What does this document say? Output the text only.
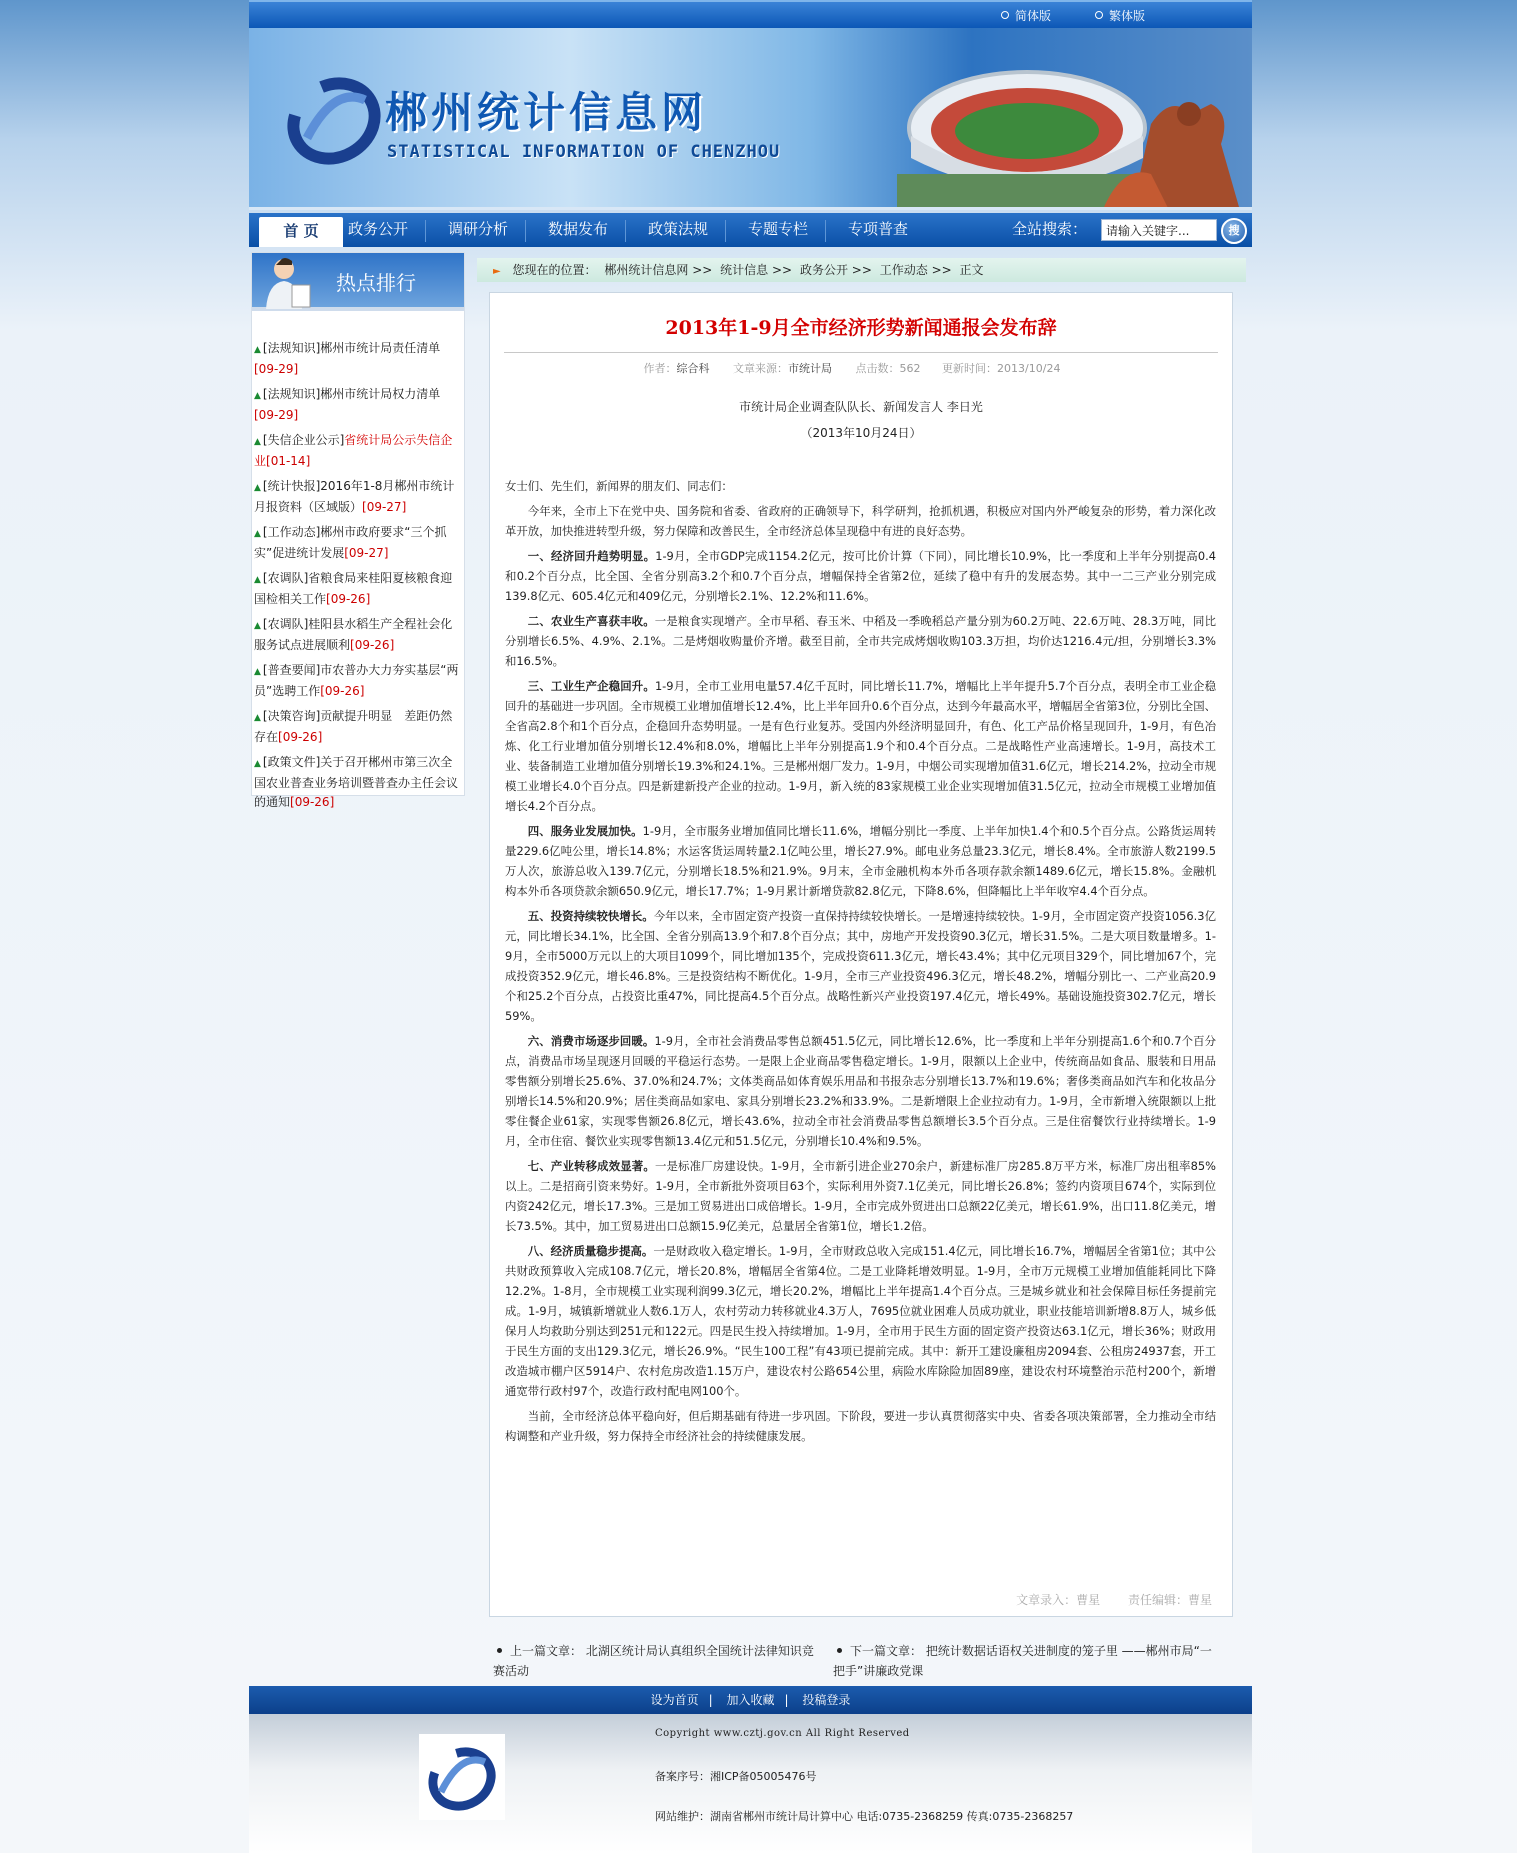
简体版	繁体版
郴州统计信息网
STATISTICAL INFORMATION OF CHENZHOU
首 页	政务公开	调研分析	数据发布	政策法规	专题专栏	专项普查	全站搜索：
请输入关键字...	搜
热点排行
▲ [法规知识]郴州市统计局责任清单[09-29]
▲ [法规知识]郴州市统计局权力清单[09-29]
▲ [失信企业公示]省统计局公示失信企业[01-14]
▲ [统计快报]2016年1-8月郴州市统计月报资料（区域版）[09-27]
▲ [工作动态]郴州市政府要求“三个抓实”促进统计发展[09-27]
▲ [农调队]省粮食局来桂阳夏核粮食迎国检相关工作[09-26]
▲ [农调队]桂阳县水稻生产全程社会化服务试点进展顺利[09-26]
▲ [普查要闻]市农普办大力夯实基层“两员”选聘工作[09-26]
▲ [决策咨询]贡献提升明显　差距仍然存在[09-26]
▲ [政策文件]关于召开郴州市第三次全国农业普查业务培训暨普查办主任会议的通知[09-26]
► 您现在的位置： 郴州统计信息网 >> 统计信息 >> 政务公开 >> 工作动态 >> 正文
2013年1-9月全市经济形势新闻通报会发布辞
作者：综合科 文章来源：市统计局 点击数：562 更新时间：2013/10/24
市统计局企业调查队队长、新闻发言人 李日光
（2013年10月24日）

女士们、先生们，新闻界的朋友们、同志们：

今年来，全市上下在党中央、国务院和省委、省政府的正确领导下，科学研判，抢抓机遇，积极应对国内外严峻复杂的形势，着力深化改革开放，加快推进转型升级，努力保障和改善民生，全市经济总体呈现稳中有进的良好态势。

一、经济回升趋势明显。1-9月，全市GDP完成1154.2亿元，按可比价计算（下同），同比增长10.9%，比一季度和上半年分别提高0.4和0.2个百分点，比全国、全省分别高3.2个和0.7个百分点，增幅保持全省第2位，延续了稳中有升的发展态势。其中一二三产业分别完成139.8亿元、605.4亿元和409亿元，分别增长2.1%、12.2%和11.6%。

二、农业生产喜获丰收。一是粮食实现增产。全市早稻、春玉米、中稻及一季晚稻总产量分别为60.2万吨、22.6万吨、28.3万吨，同比分别增长6.5%、4.9%、2.1%。二是烤烟收购量价齐增。截至目前，全市共完成烤烟收购103.3万担，均价达1216.4元/担，分别增长3.3%和16.5%。

三、工业生产企稳回升。1-9月，全市工业用电量57.4亿千瓦时，同比增长11.7%，增幅比上半年提升5.7个百分点，表明全市工业企稳回升的基础进一步巩固。全市规模工业增加值增长12.4%，比上半年回升0.6个百分点，达到今年最高水平，增幅居全省第3位，分别比全国、全省高2.8个和1个百分点，企稳回升态势明显。一是有色行业复苏。受国内外经济明显回升，有色、化工产品价格呈现回升，1-9月，有色冶炼、化工行业增加值分别增长12.4%和8.0%，增幅比上半年分别提高1.9个和0.4个百分点。二是战略性产业高速增长。1-9月，高技术工业、装备制造工业增加值分别增长19.3%和24.1%。三是郴州烟厂发力。1-9月，中烟公司实现增加值31.6亿元，增长214.2%，拉动全市规模工业增长4.0个百分点。四是新建新投产企业的拉动。1-9月，新入统的83家规模工业企业实现增加值31.5亿元，拉动全市规模工业增加值增长4.2个百分点。

四、服务业发展加快。1-9月，全市服务业增加值同比增长11.6%，增幅分别比一季度、上半年加快1.4个和0.5个百分点。公路货运周转量229.6亿吨公里，增长14.8%；水运客货运周转量2.1亿吨公里，增长27.9%。邮电业务总量23.3亿元，增长8.4%。全市旅游人数2199.5万人次，旅游总收入139.7亿元，分别增长18.5%和21.9%。9月末，全市金融机构本外币各项存款余额1489.6亿元，增长15.8%。金融机构本外币各项贷款余额650.9亿元，增长17.7%；1-9月累计新增贷款82.8亿元，下降8.6%，但降幅比上半年收窄4.4个百分点。

五、投资持续较快增长。今年以来，全市固定资产投资一直保持持续较快增长。一是增速持续较快。1-9月，全市固定资产投资1056.3亿元，同比增长34.1%，比全国、全省分别高13.9个和7.8个百分点；其中，房地产开发投资90.3亿元，增长31.5%。二是大项目数量增多。1-9月，全市5000万元以上的大项目1099个，同比增加135个，完成投资611.3亿元，增长43.4%；其中亿元项目329个，同比增加67个，完成投资352.9亿元，增长46.8%。三是投资结构不断优化。1-9月，全市三产业投资496.3亿元，增长48.2%，增幅分别比一、二产业高20.9个和25.2个百分点，占投资比重47%，同比提高4.5个百分点。战略性新兴产业投资197.4亿元，增长49%。基础设施投资302.7亿元，增长59%。

六、消费市场逐步回暖。1-9月，全市社会消费品零售总额451.5亿元，同比增长12.6%，比一季度和上半年分别提高1.6个和0.7个百分点，消费品市场呈现逐月回暖的平稳运行态势。一是限上企业商品零售稳定增长。1-9月，限额以上企业中，传统商品如食品、服装和日用品零售额分别增长25.6%、37.0%和24.7%；文体类商品如体育娱乐用品和书报杂志分别增长13.7%和19.6%；奢侈类商品如汽车和化妆品分别增长14.5%和20.9%；居住类商品如家电、家具分别增长23.2%和33.9%。二是新增限上企业拉动有力。1-9月，全市新增入统限额以上批零住餐企业61家，实现零售额26.8亿元，增长43.6%，拉动全市社会消费品零售总额增长3.5个百分点。三是住宿餐饮行业持续增长。1-9月，全市住宿、餐饮业实现零售额13.4亿元和51.5亿元，分别增长10.4%和9.5%。

七、产业转移成效显著。一是标准厂房建设快。1-9月，全市新引进企业270余户，新建标准厂房285.8万平方米，标准厂房出租率85%以上。二是招商引资来势好。1-9月，全市新批外资项目63个，实际利用外资7.1亿美元，同比增长26.8%；签约内资项目674个，实际到位内资242亿元，增长17.3%。三是加工贸易进出口成倍增长。1-9月，全市完成外贸进出口总额22亿美元，增长61.9%，出口11.8亿美元，增长73.5%。其中，加工贸易进出口总额15.9亿美元，总量居全省第1位，增长1.2倍。

八、经济质量稳步提高。一是财政收入稳定增长。1-9月，全市财政总收入完成151.4亿元，同比增长16.7%，增幅居全省第1位；其中公共财政预算收入完成108.7亿元，增长20.8%，增幅居全省第4位。二是工业降耗增效明显。1-9月，全市万元规模工业增加值能耗同比下降12.2%。1-8月，全市规模工业实现利润99.3亿元，增长20.2%，增幅比上半年提高1.4个百分点。三是城乡就业和社会保障目标任务提前完成。1-9月，城镇新增就业人数6.1万人，农村劳动力转移就业4.3万人，7695位就业困难人员成功就业，职业技能培训新增8.8万人，城乡低保月人均救助分别达到251元和122元。四是民生投入持续增加。1-9月，全市用于民生方面的固定资产投资达63.1亿元，增长36%；财政用于民生方面的支出129.3亿元，增长26.9%。“民生100工程”有43项已提前完成。其中：新开工建设廉租房2094套、公租房24937套，开工改造城市棚户区5914户、农村危房改造1.15万户，建设农村公路654公里，病险水库除险加固89座，建设农村环境整治示范村200个，新增通宽带行政村97个，改造行政村配电网100个。

当前，全市经济总体平稳向好，但后期基础有待进一步巩固。下阶段，要进一步认真贯彻落实中央、省委各项决策部署，全力推动全市结构调整和产业升级，努力保持全市经济社会的持续健康发展。

文章录入：曹星 责任编辑：曹星
上一篇文章： 北湖区统计局认真组织全国统计法律知识竞赛活动
下一篇文章： 把统计数据话语权关进制度的笼子里 ——郴州市局“一把手”讲廉政党课
设为首页 | 加入收藏 | 投稿登录
Copyright www.cztj.gov.cn All Right Reserved
备案序号：湘ICP备05005476号
网站维护：湖南省郴州市统计局计算中心 电话:0735-2368259 传真:0735-2368257
